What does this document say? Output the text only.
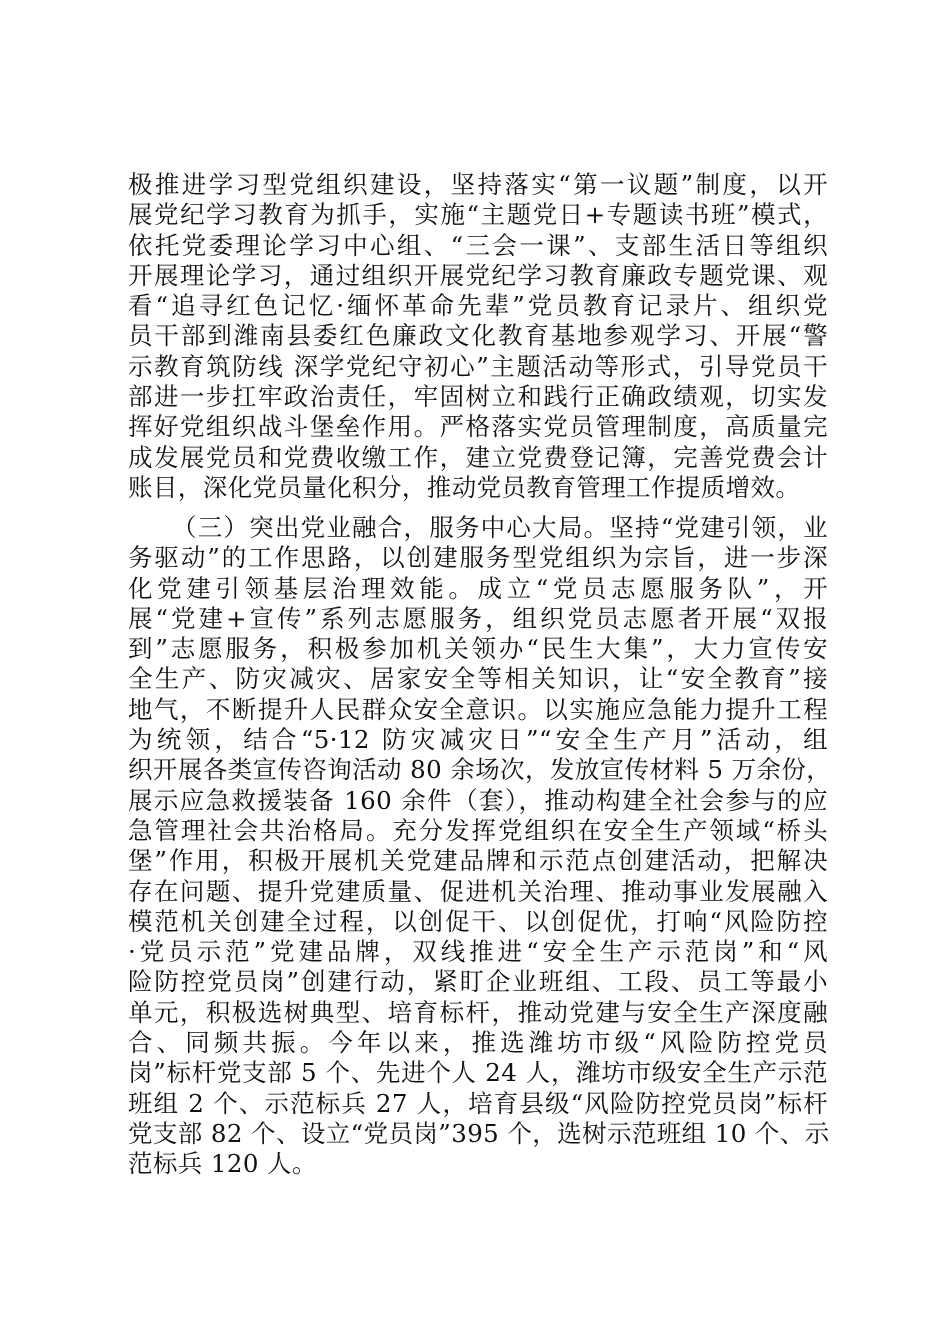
极推进学习型党组织建设，坚持落实“第一议题”制度，以开
展党纪学习教育为抓手，实施“主题党日+专题读书班”模式，
依托党委理论学习中心组、“三会一课”、支部生活日等组织
开展理论学习，通过组织开展党纪学习教育廉政专题党课、观
看“追寻红色记忆·缅怀革命先辈”党员教育记录片、组织党
员干部到潍南县委红色廉政文化教育基地参观学习、开展“警
示教育筑防线 深学党纪守初心”主题活动等形式，引导党员干
部进一步扛牢政治责任，牢固树立和践行正确政绩观，切实发
挥好党组织战斗堡垒作用。严格落实党员管理制度，高质量完
成发展党员和党费收缴工作，建立党费登记簿，完善党费会计
账目，深化党员量化积分，推动党员教育管理工作提质增效。
（三）突出党业融合，服务中心大局。坚持“党建引领，业
务驱动”的工作思路，以创建服务型党组织为宗旨，进一步深
化党建引领基层治理效能。成立“党员志愿服务队”，开
展“党建+宣传”系列志愿服务，组织党员志愿者开展“双报
到”志愿服务，积极参加机关领办“民生大集”，大力宣传安
全生产、防灾减灾、居家安全等相关知识，让“安全教育”接
地气，不断提升人民群众安全意识。以实施应急能力提升工程
为统领，结合“5·12 防灾减灾日”“安全生产月”活动，组
织开展各类宣传咨询活动 80 余场次，发放宣传材料 5 万余份，
展示应急救援装备 160 余件（套），推动构建全社会参与的应
急管理社会共治格局。充分发挥党组织在安全生产领域“桥头
堡”作用，积极开展机关党建品牌和示范点创建活动，把解决
存在问题、提升党建质量、促进机关治理、推动事业发展融入
模范机关创建全过程，以创促干、以创促优，打响“风险防控
·党员示范”党建品牌，双线推进“安全生产示范岗”和“风
险防控党员岗”创建行动，紧盯企业班组、工段、员工等最小
单元，积极选树典型、培育标杆，推动党建与安全生产深度融
合、同频共振。今年以来，推选潍坊市级“风险防控党员
岗”标杆党支部 5 个、先进个人 24 人，潍坊市级安全生产示范
班组 2 个、示范标兵 27 人，培育县级“风险防控党员岗”标杆
党支部 82 个、设立“党员岗”395 个，选树示范班组 10 个、示
范标兵 120 人。
